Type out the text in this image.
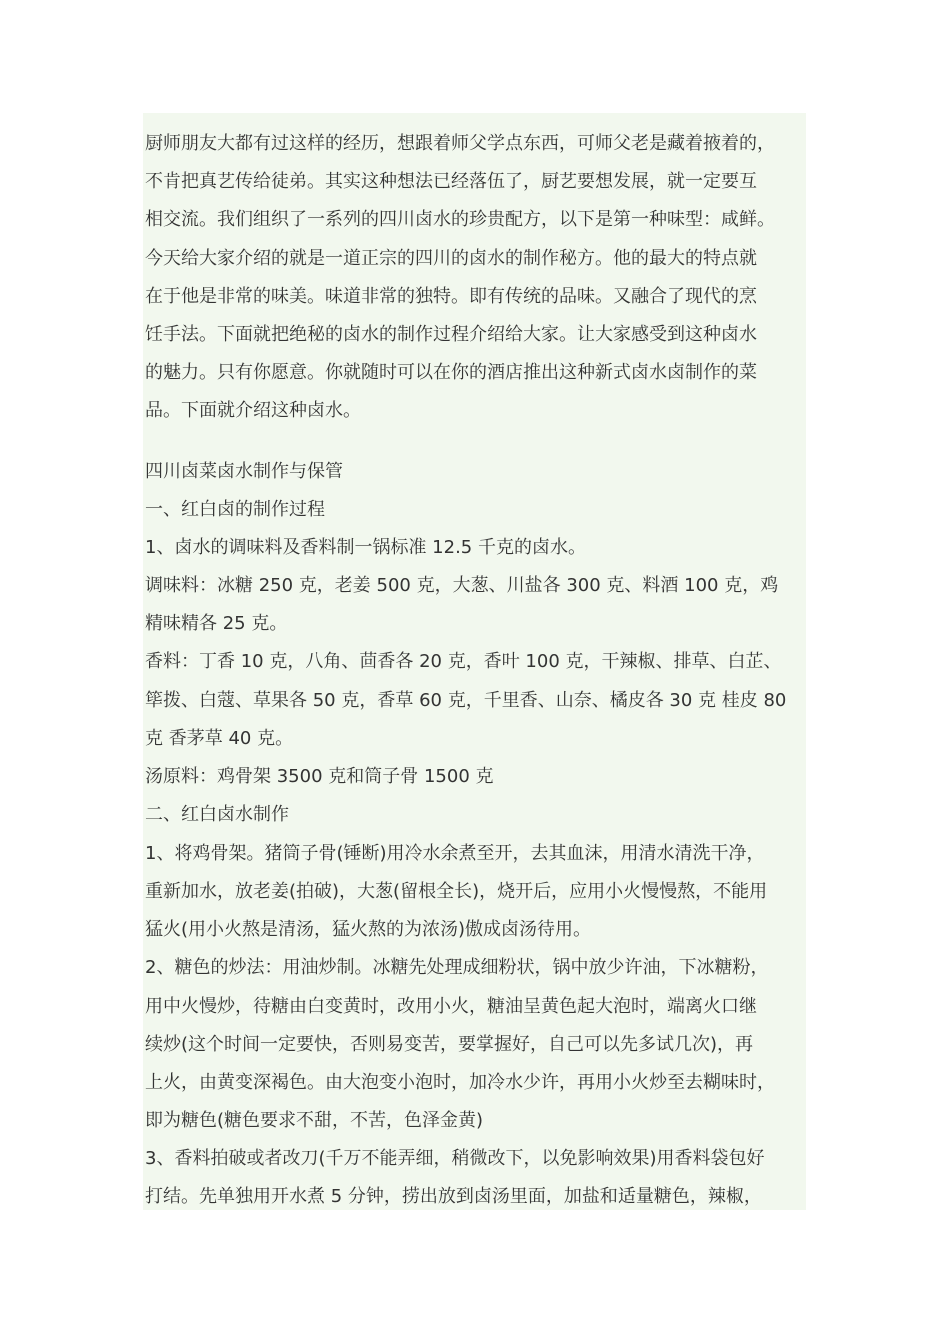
厨师朋友大都有过这样的经历，想跟着师父学点东西，可师父老是藏着掖着的，
不肯把真艺传给徒弟。其实这种想法已经落伍了，厨艺要想发展，就一定要互
相交流。我们组织了一系列的四川卤水的珍贵配方，以下是第一种味型：咸鲜。
今天给大家介绍的就是一道正宗的四川的卤水的制作秘方。他的最大的特点就
在于他是非常的味美。味道非常的独特。即有传统的品味。又融合了现代的烹
饪手法。下面就把绝秘的卤水的制作过程介绍给大家。让大家感受到这种卤水
的魅力。只有你愿意。你就随时可以在你的酒店推出这种新式卤水卤制作的菜
品。下面就介绍这种卤水。
四川卤菜卤水制作与保管
一、红白卤的制作过程
1、卤水的调味料及香料制一锅标准 12.5 千克的卤水。
调味料：冰糖 250 克，老姜 500 克，大葱、川盐各 300 克、料酒 100 克，鸡
精味精各 25 克。
香料：丁香 10 克，八角、茴香各 20 克，香叶 100 克，干辣椒、排草、白芷、
筚拨、白蔻、草果各 50 克，香草 60 克，千里香、山奈、橘皮各 30 克 桂皮 80
克 香茅草 40 克。
汤原料：鸡骨架 3500 克和筒子骨 1500 克
二、红白卤水制作
1、将鸡骨架。猪筒子骨(锤断)用冷水余煮至开，去其血沫，用清水清洗干净，
重新加水，放老姜(拍破)，大葱(留根全长)，烧开后，应用小火慢慢熬，不能用
猛火(用小火熬是清汤，猛火熬的为浓汤)傲成卤汤待用。
2、糖色的炒法：用油炒制。冰糖先处理成细粉状，锅中放少许油，下冰糖粉，
用中火慢炒，待糖由白变黄时，改用小火，糖油呈黄色起大泡时，端离火口继
续炒(这个时间一定要快，否则易变苦，要掌握好，自己可以先多试几次)，再
上火，由黄变深褐色。由大泡变小泡时，加冷水少许，再用小火炒至去糊味时，
即为糖色(糖色要求不甜，不苦，色泽金黄)
3、香料拍破或者改刀(千万不能弄细，稍微改下，以免影响效果)用香料袋包好
打结。先单独用开水煮 5 分钟，捞出放到卤汤里面，加盐和适量糖色，辣椒，
